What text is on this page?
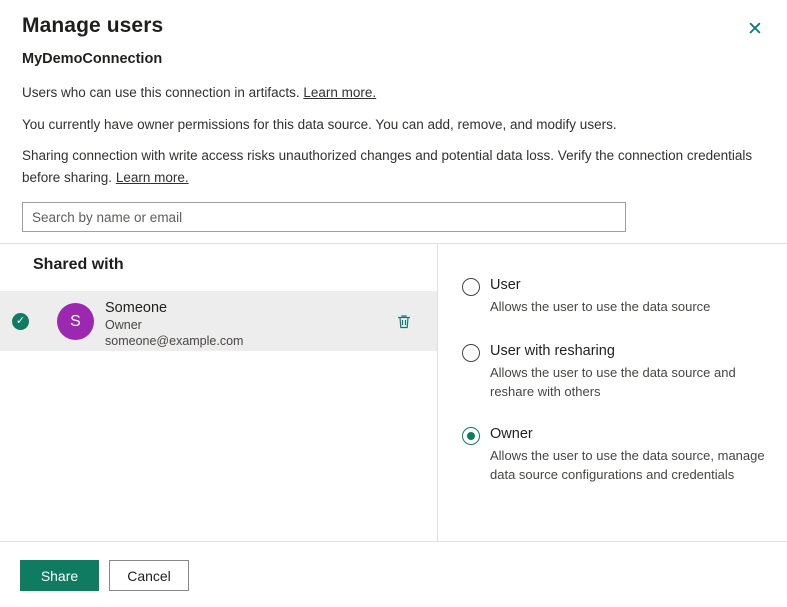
Manage users	✕
MyDemoConnection
Users who can use this connection in artifacts. Learn more.
You currently have owner permissions for this data source. You can add, remove, and modify users.
Sharing connection with write access risks unauthorized changes and potential data loss. Verify the connection credentials before sharing. Learn more.
Search by name or email
Shared with
✓	S
Someone
Owner
someone@example.com
User
Allows the user to use the data source
User with resharing
Allows the user to use the data source and reshare with others
Owner
Allows the user to use the data source, manage data source configurations and credentials
Share	Cancel
